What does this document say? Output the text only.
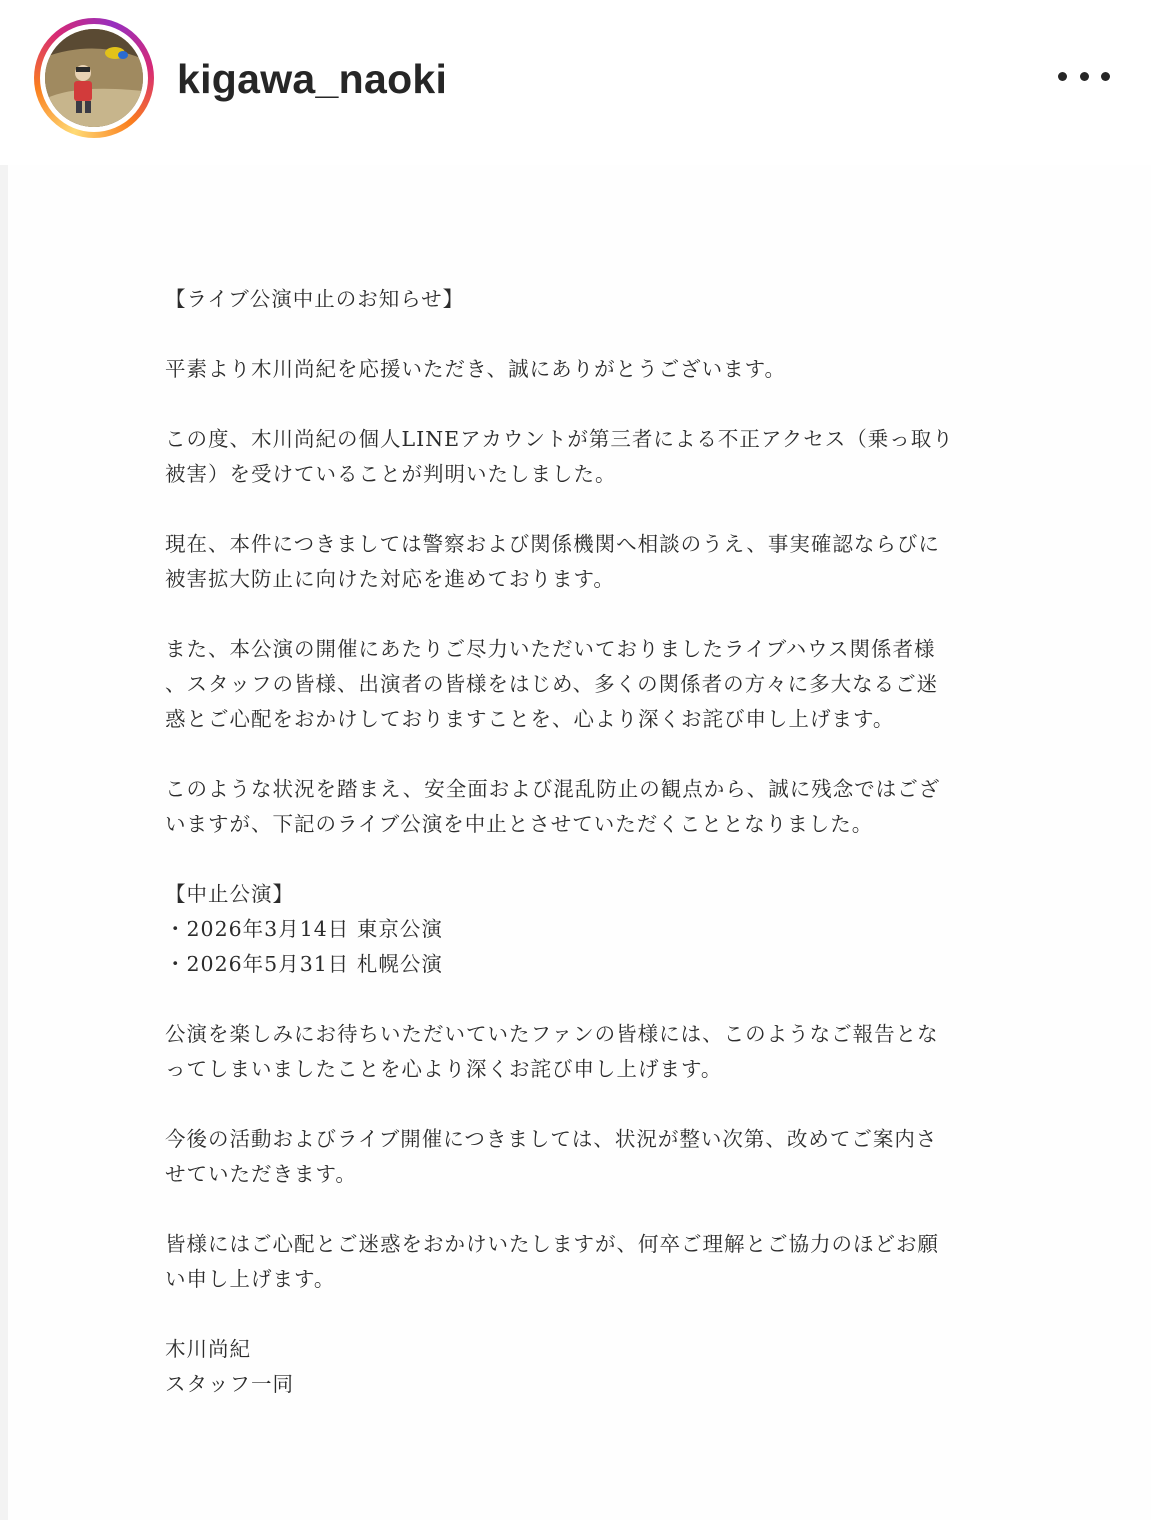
kigawa_naoki

【ライブ公演中止のお知らせ】

平素より木川尚紀を応援いただき、誠にありがとうございます。

この度、木川尚紀の個人LINEアカウントが第三者による不正アクセス（乗っ取り
被害）を受けていることが判明いたしました。

現在、本件につきましては警察および関係機関へ相談のうえ、事実確認ならびに
被害拡大防止に向けた対応を進めております。

また、本公演の開催にあたりご尽力いただいておりましたライブハウス関係者様
、スタッフの皆様、出演者の皆様をはじめ、多くの関係者の方々に多大なるご迷
惑とご心配をおかけしておりますことを、心より深くお詫び申し上げます。

このような状況を踏まえ、安全面および混乱防止の観点から、誠に残念ではござ
いますが、下記のライブ公演を中止とさせていただくこととなりました。

【中止公演】

・2026年3月14日 東京公演

・2026年5月31日 札幌公演

公演を楽しみにお待ちいただいていたファンの皆様には、このようなご報告とな
ってしまいましたことを心より深くお詫び申し上げます。

今後の活動およびライブ開催につきましては、状況が整い次第、改めてご案内さ
せていただきます。

皆様にはご心配とご迷惑をおかけいたしますが、何卒ご理解とご協力のほどお願
い申し上げます。

木川尚紀

スタッフ一同
